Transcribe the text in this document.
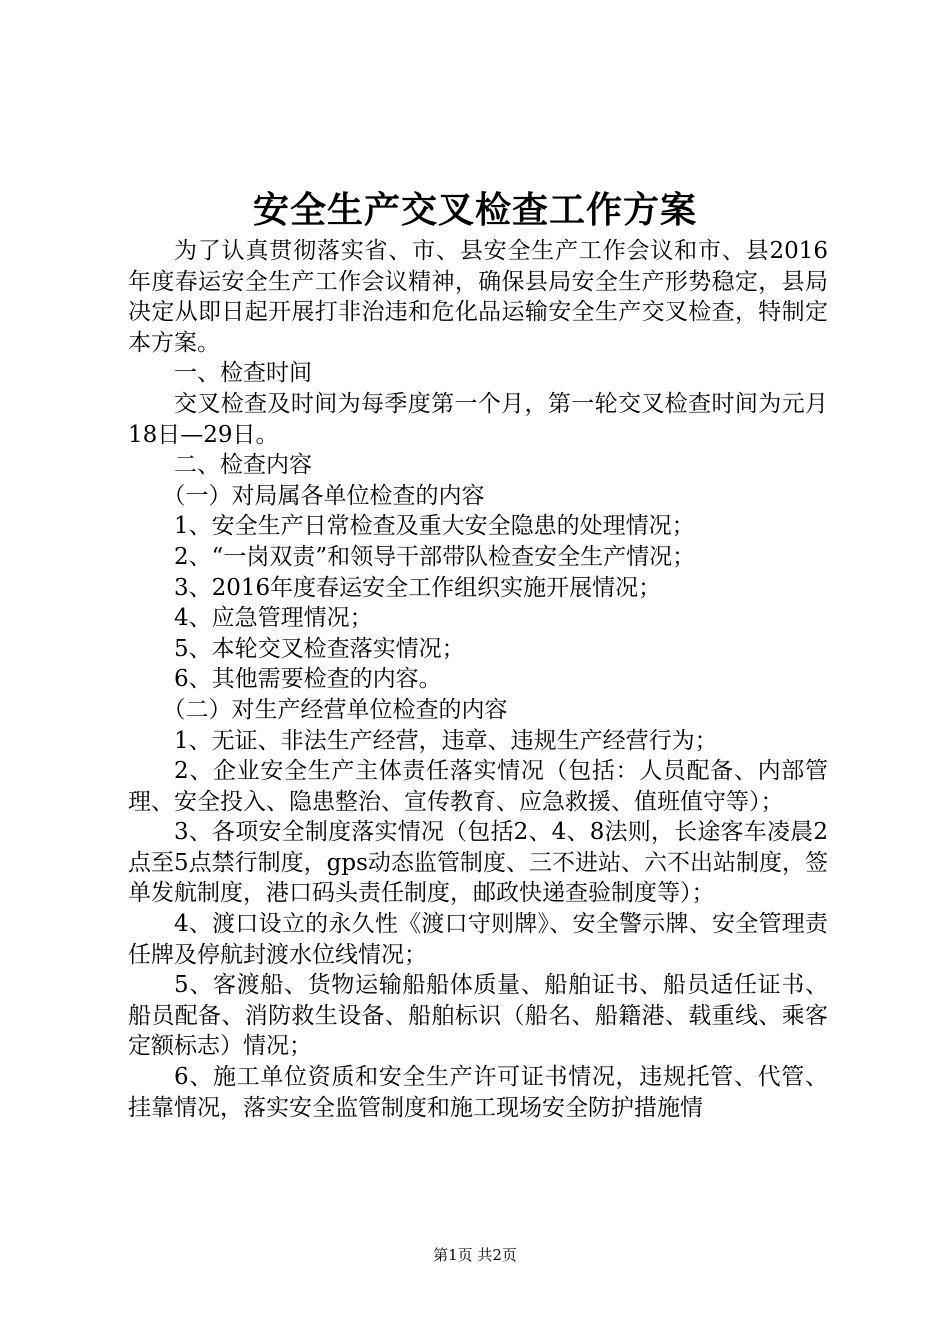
安全生产交叉检查工作方案

为了认真贯彻落实省、市、县安全生产工作会议和市、县2016年度春运安全生产工作会议精神，确保县局安全生产形势稳定，县局决定从即日起开展打非治违和危化品运输安全生产交叉检查，特制定本方案。

一、检查时间

交叉检查及时间为每季度第一个月，第一轮交叉检查时间为元月18日—29日。

二、检查内容

（一）对局属各单位检查的内容

1、安全生产日常检查及重大安全隐患的处理情况；

2、“一岗双责”和领导干部带队检查安全生产情况；

3、2016年度春运安全工作组织实施开展情况；

4、应急管理情况；

5、本轮交叉检查落实情况；

6、其他需要检查的内容。

（二）对生产经营单位检查的内容

1、无证、非法生产经营，违章、违规生产经营行为；

2、企业安全生产主体责任落实情况（包括：人员配备、内部管理、安全投入、隐患整治、宣传教育、应急救援、值班值守等）；

3、各项安全制度落实情况（包括2、4、8法则，长途客车凌晨2点至5点禁行制度，gps动态监管制度、三不进站、六不出站制度，签单发航制度，港口码头责任制度，邮政快递查验制度等）；

4、渡口设立的永久性《渡口守则牌》、安全警示牌、安全管理责任牌及停航封渡水位线情况；

5、客渡船、货物运输船船体质量、船舶证书、船员适任证书、船员配备、消防救生设备、船舶标识（船名、船籍港、载重线、乘客定额标志）情况；

6、施工单位资质和安全生产许可证书情况，违规托管、代管、挂靠情况，落实安全监管制度和施工现场安全防护措施情

第1页 共2页
